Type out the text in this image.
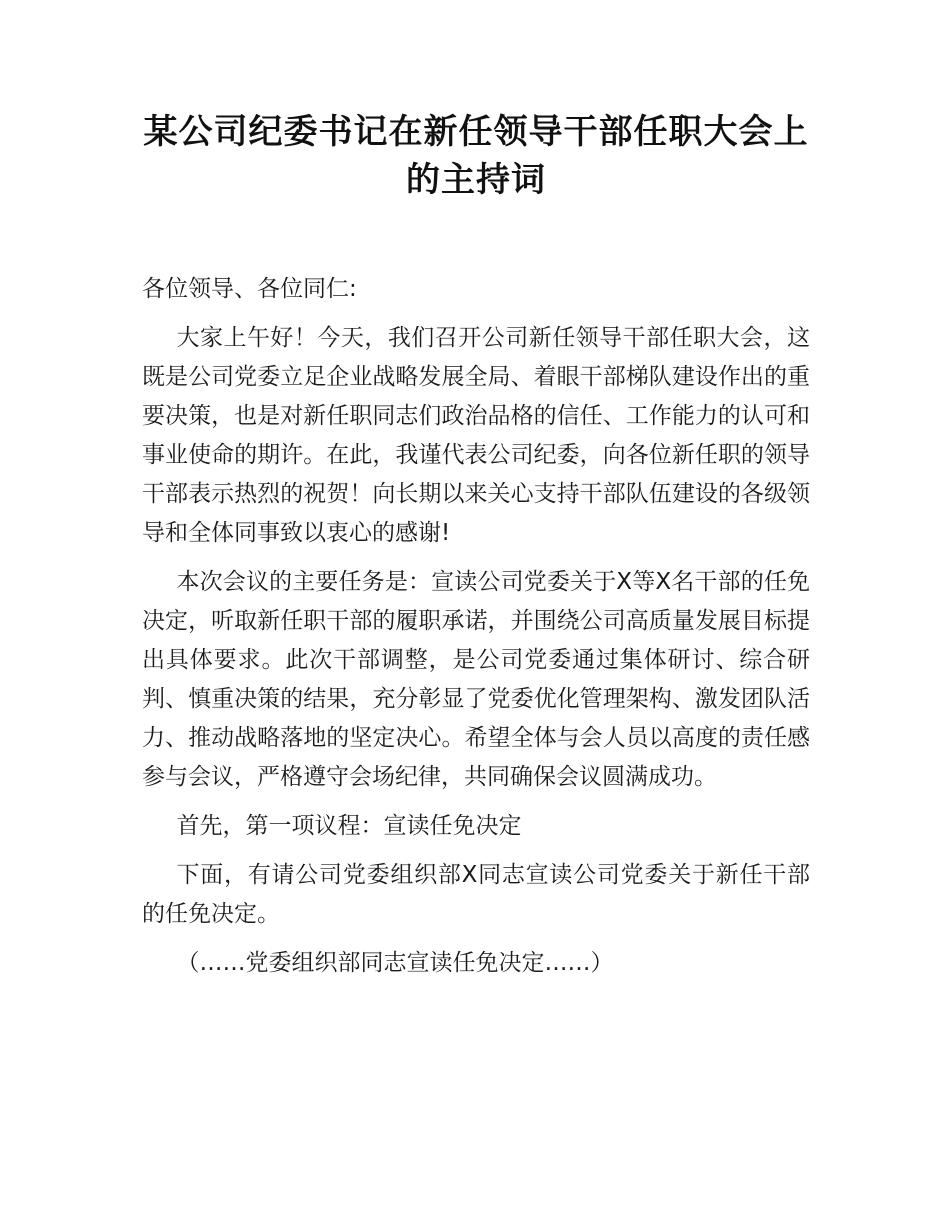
某公司纪委书记在新任领导干部任职大会上的主持词

各位领导、各位同仁:

大家上午好！今天，我们召开公司新任领导干部任职大会，这既是公司党委立足企业战略发展全局、着眼干部梯队建设作出的重要决策，也是对新任职同志们政治品格的信任、工作能力的认可和事业使命的期许。在此，我谨代表公司纪委，向各位新任职的领导干部表示热烈的祝贺！向长期以来关心支持干部队伍建设的各级领导和全体同事致以衷心的感谢!

本次会议的主要任务是：宣读公司党委关于X等X名干部的任免决定，听取新任职干部的履职承诺，并围绕公司高质量发展目标提出具体要求。此次干部调整，是公司党委通过集体研讨、综合研判、慎重决策的结果，充分彰显了党委优化管理架构、激发团队活力、推动战略落地的坚定决心。希望全体与会人员以高度的责任感参与会议，严格遵守会场纪律，共同确保会议圆满成功。

首先，第一项议程：宣读任免决定

下面，有请公司党委组织部X同志宣读公司党委关于新任干部的任免决定。

（……党委组织部同志宣读任免决定……）
